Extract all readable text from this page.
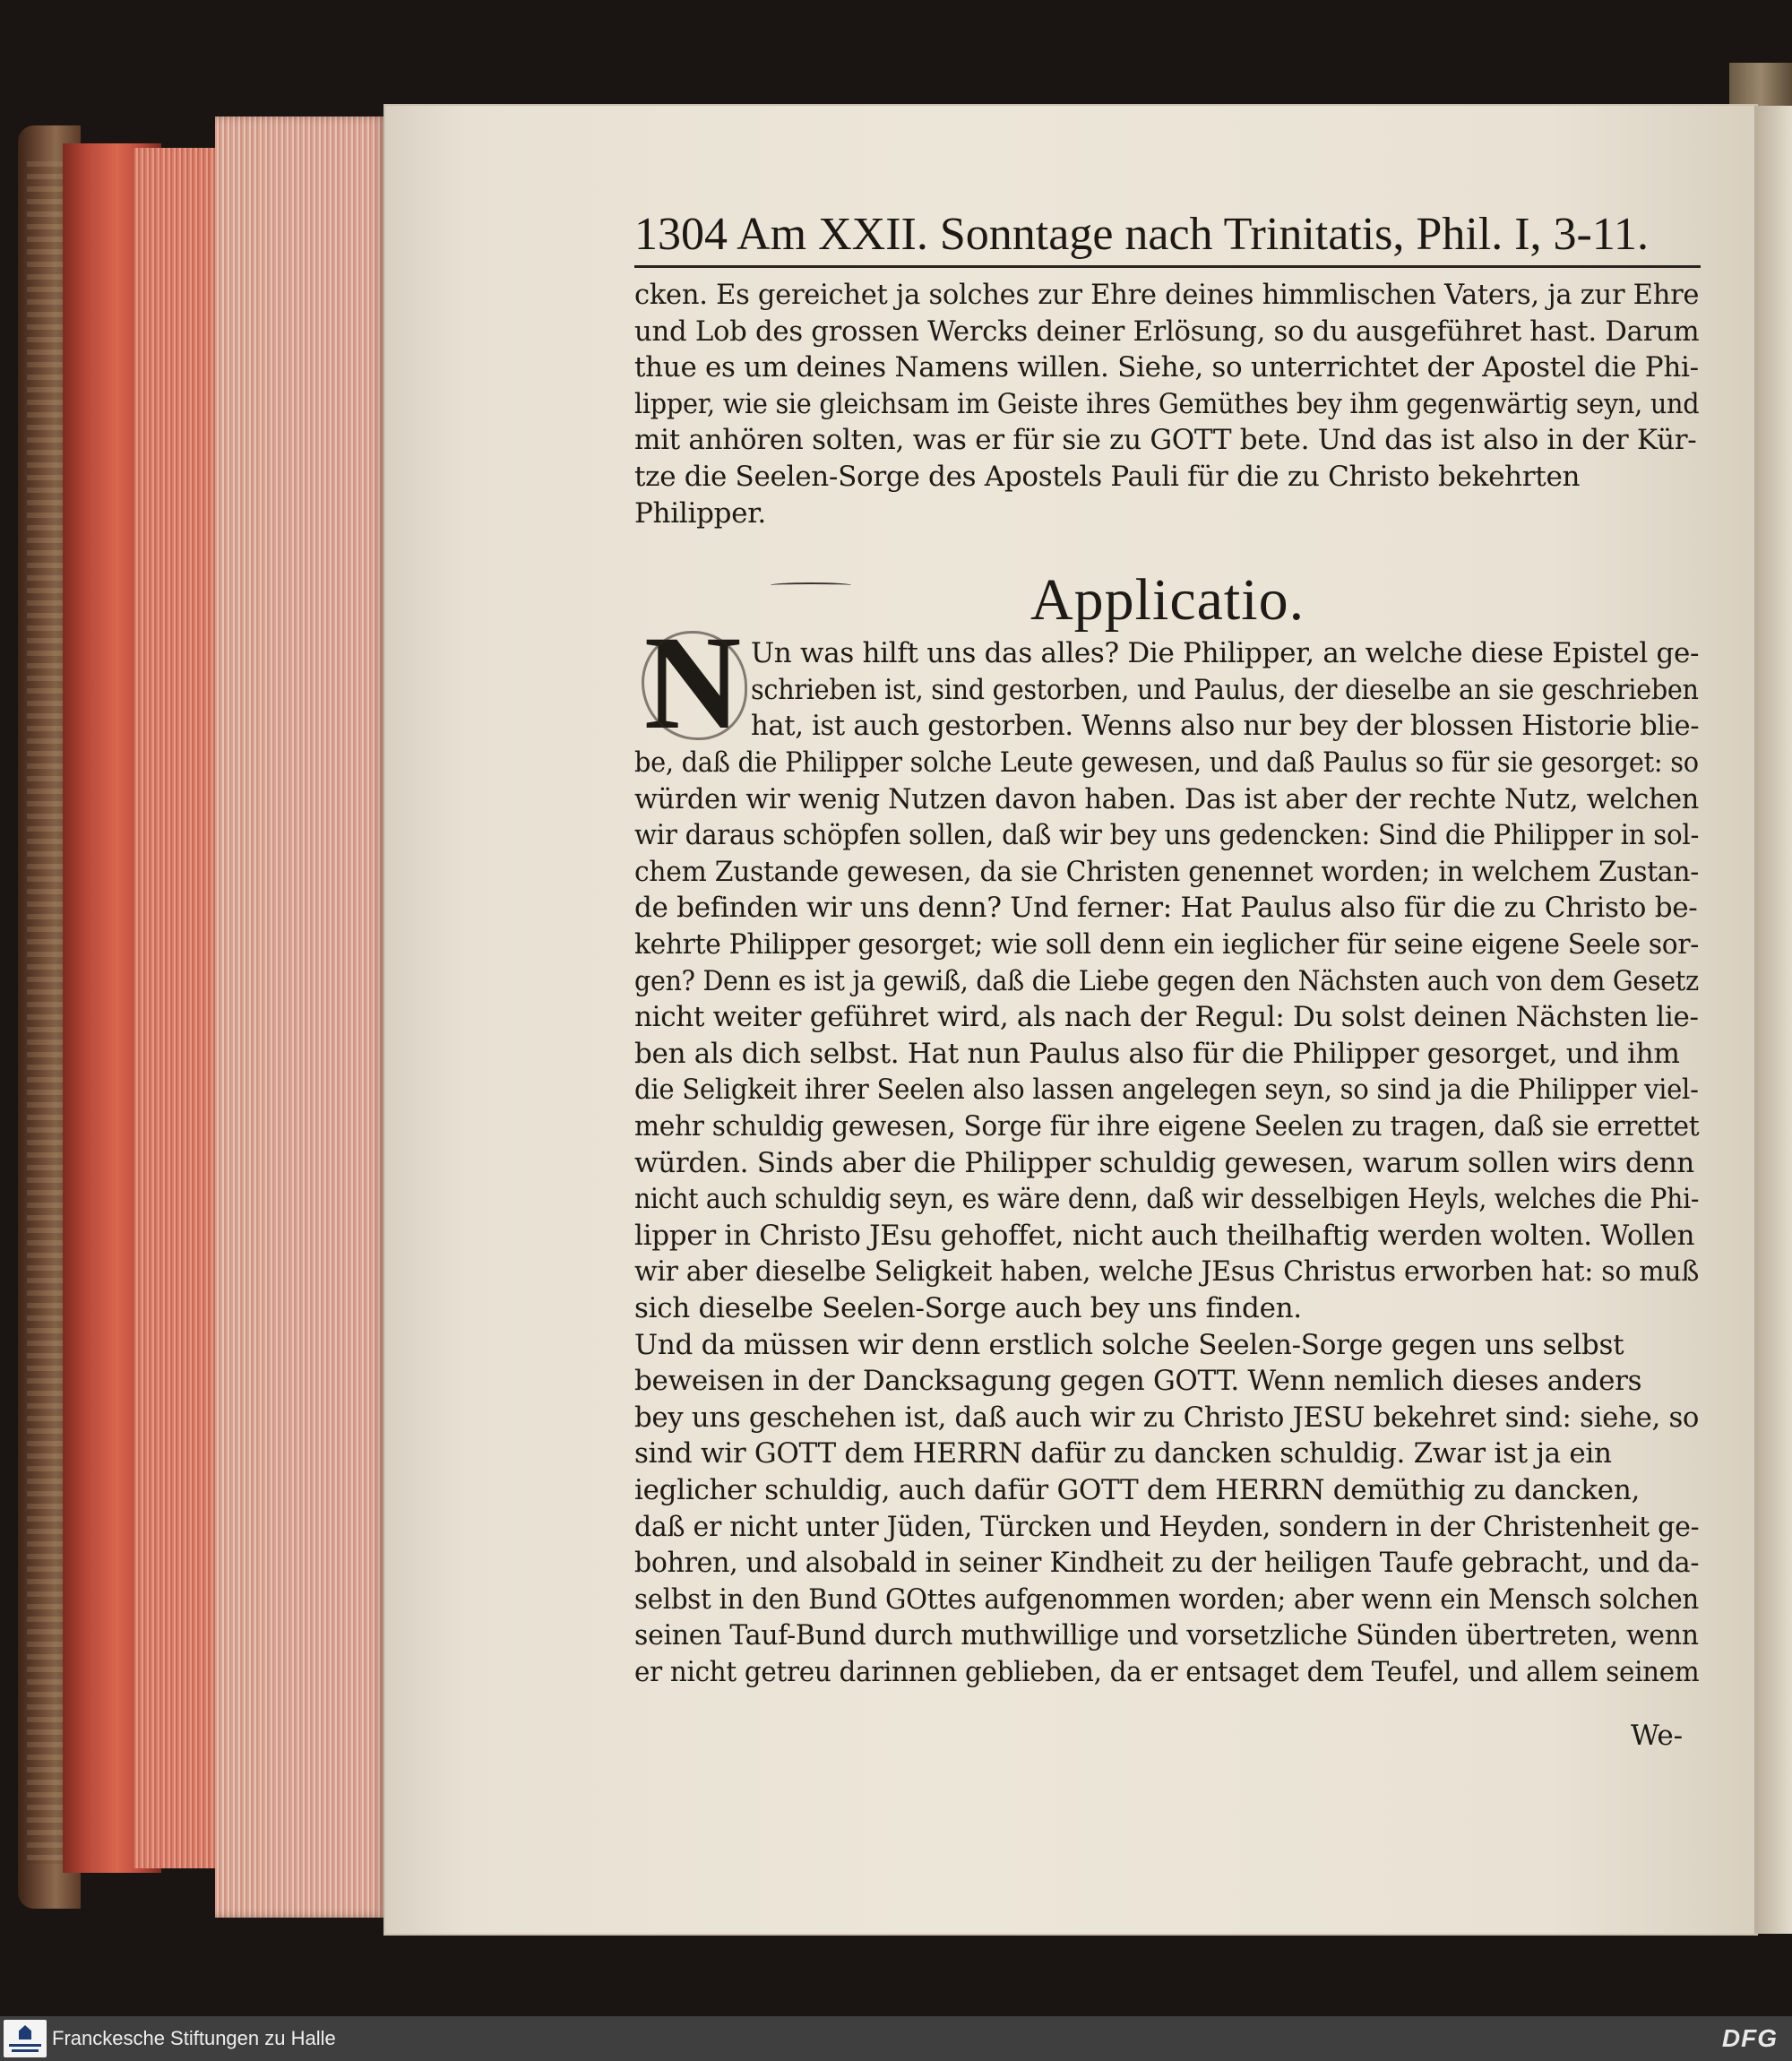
1304 Am XXII. Sonntage nach Trinitatis, Phil. I, 3-11.
cken. Es gereichet ja solches zur Ehre deines himmlischen Vaters, ja zur Ehre
und Lob des grossen Wercks deiner Erlösung, so du ausgeführet hast. Darum
thue es um deines Namens willen. Siehe, so unterrichtet der Apostel die Phi-
lipper, wie sie gleichsam im Geiste ihres Gemüthes bey ihm gegenwärtig seyn, und
mit anhören solten, was er für sie zu GOTT bete. Und das ist also in der Kür-
tze die Seelen-Sorge des Apostels Pauli für die zu Christo bekehrten
Philipper.
Un was hilft uns das alles? Die Philipper, an welche diese Epistel ge-
schrieben ist, sind gestorben, und Paulus, der dieselbe an sie geschrieben
hat, ist auch gestorben. Wenns also nur bey der blossen Historie blie-
be, daß die Philipper solche Leute gewesen, und daß Paulus so für sie gesorget: so
würden wir wenig Nutzen davon haben. Das ist aber der rechte Nutz, welchen
wir daraus schöpfen sollen, daß wir bey uns gedencken: Sind die Philipper in sol-
chem Zustande gewesen, da sie Christen genennet worden; in welchem Zustan-
de befinden wir uns denn? Und ferner: Hat Paulus also für die zu Christo be-
kehrte Philipper gesorget; wie soll denn ein ieglicher für seine eigene Seele sor-
gen? Denn es ist ja gewiß, daß die Liebe gegen den Nächsten auch von dem Gesetz
nicht weiter geführet wird, als nach der Regul: Du solst deinen Nächsten lie-
ben als dich selbst. Hat nun Paulus also für die Philipper gesorget, und ihm
die Seligkeit ihrer Seelen also lassen angelegen seyn, so sind ja die Philipper viel-
mehr schuldig gewesen, Sorge für ihre eigene Seelen zu tragen, daß sie errettet
würden. Sinds aber die Philipper schuldig gewesen, warum sollen wirs denn
nicht auch schuldig seyn, es wäre denn, daß wir desselbigen Heyls, welches die Phi-
lipper in Christo JEsu gehoffet, nicht auch theilhaftig werden wolten. Wollen
wir aber dieselbe Seligkeit haben, welche JEsus Christus erworben hat: so muß
sich dieselbe Seelen-Sorge auch bey uns finden.
Und da müssen wir denn erstlich solche Seelen-Sorge gegen uns selbst
beweisen in der Dancksagung gegen GOTT. Wenn nemlich dieses anders
bey uns geschehen ist, daß auch wir zu Christo JESU bekehret sind: siehe, so
sind wir GOTT dem HERRN dafür zu dancken schuldig. Zwar ist ja ein
ieglicher schuldig, auch dafür GOTT dem HERRN demüthig zu dancken,
daß er nicht unter Jüden, Türcken und Heyden, sondern in der Christenheit ge-
bohren, und alsobald in seiner Kindheit zu der heiligen Taufe gebracht, und da-
selbst in den Bund GOttes aufgenommen worden; aber wenn ein Mensch solchen
seinen Tauf-Bund durch muthwillige und vorsetzliche Sünden übertreten, wenn
er nicht getreu darinnen geblieben, da er entsaget dem Teufel, und allem seinem
Applicatio.
N
We-
Franckesche Stiftungen zu Halle	DFG
